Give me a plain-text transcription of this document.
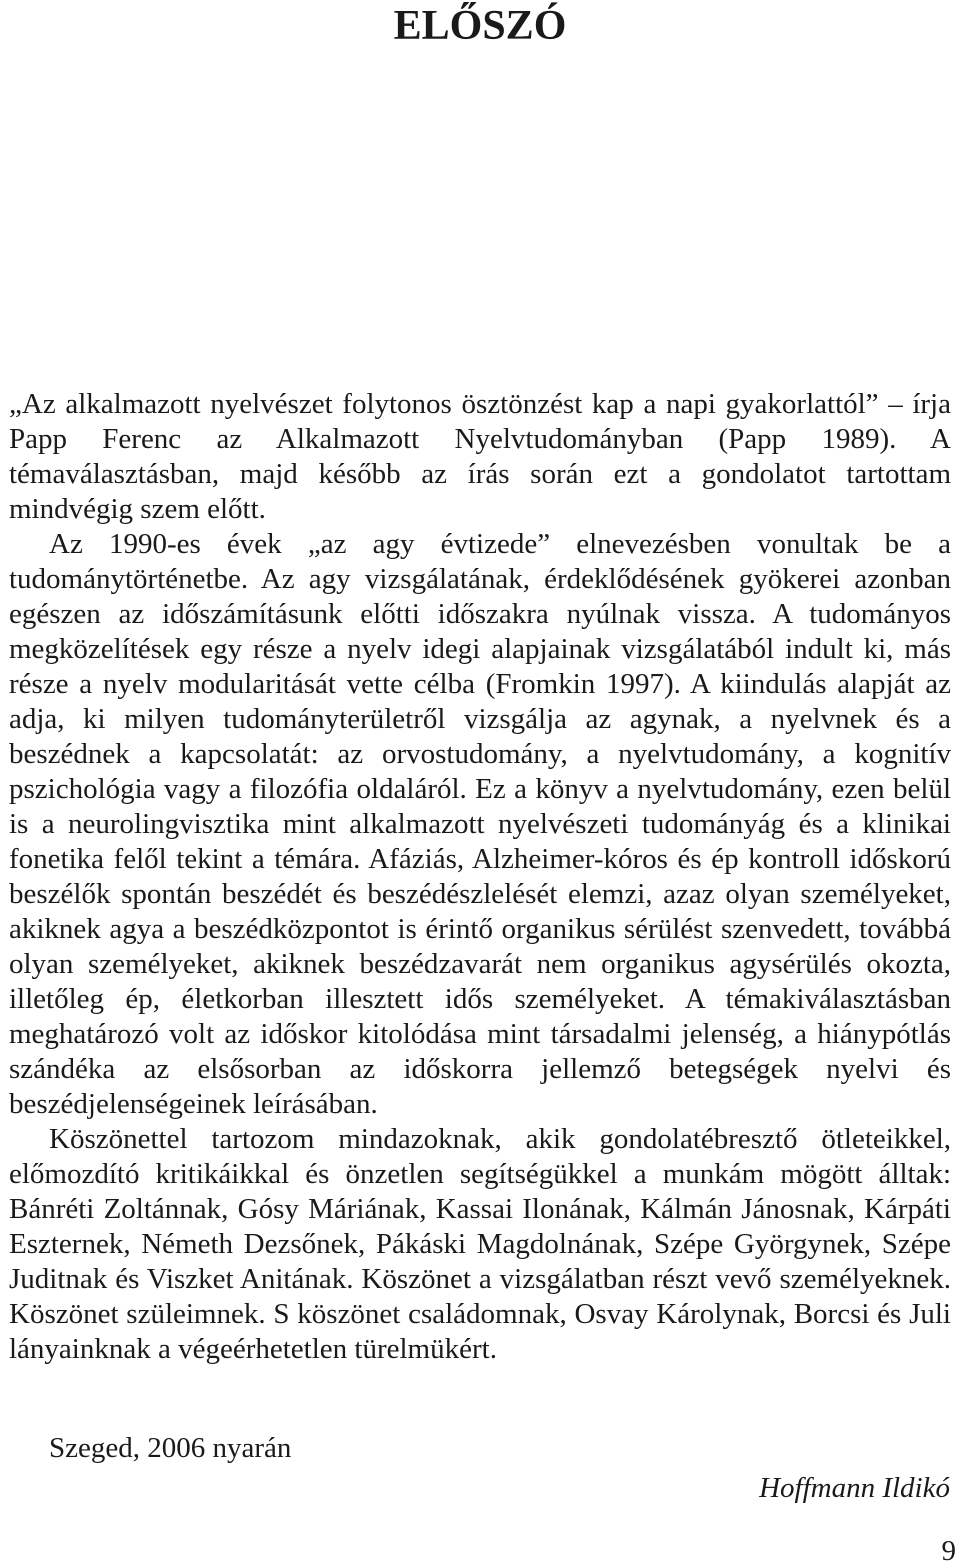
ELŐSZÓ

„Az alkalmazott nyelvészet folytonos ösztönzést kap a napi gyakorlattól” – írja Papp Ferenc az Alkalmazott Nyelvtudományban (Papp 1989). A témaválasztásban, majd később az írás során ezt a gondolatot tartottam mindvégig szem előtt.

Az 1990-es évek „az agy évtizede” elnevezésben vonultak be a tudománytörténetbe. Az agy vizsgálatának, érdeklődésének gyökerei azonban egészen az időszámításunk előtti időszakra nyúlnak vissza. A tudományos megközelítések egy része a nyelv idegi alapjainak vizsgálatából indult ki, más része a nyelv modularitását vette célba (Fromkin 1997). A kiindulás alapját az adja, ki milyen tudományterületről vizsgálja az agynak, a nyelvnek és a beszédnek a kapcsolatát: az orvostudomány, a nyelvtudomány, a kognitív pszichológia vagy a filozófia oldaláról. Ez a könyv a nyelvtudomány, ezen belül is a neurolingvisztika mint alkalmazott nyelvészeti tudományág és a klinikai fonetika felől tekint a témára. Afáziás, Alzheimer-kóros és ép kontroll időskorú beszélők spontán beszédét és beszédészlelését elemzi, azaz olyan személyeket, akiknek agya a beszédközpontot is érintő organikus sérülést szenvedett, továbbá olyan személyeket, akiknek beszédzavarát nem organikus agysérülés okozta, illetőleg ép, életkorban illesztett idős személyeket. A témakiválasztásban meghatározó volt az időskor kitolódása mint társadalmi jelenség, a hiánypótlás szándéka az elsősorban az időskorra jellemző betegségek nyelvi és beszédjelenségeinek leírásában.

Köszönettel tartozom mindazoknak, akik gondolatébresztő ötleteikkel, előmozdító kritikáikkal és önzetlen segítségükkel a munkám mögött álltak: Bánréti Zoltánnak, Gósy Máriának, Kassai Ilonának, Kálmán Jánosnak, Kárpáti Eszternek, Németh Dezsőnek, Pákáski Magdolnának, Szépe Györgynek, Szépe Juditnak és Viszket Anitának. Köszönet a vizsgálatban részt vevő személyeknek. Köszönet szüleimnek. S köszönet családomnak, Osvay Károlynak, Borcsi és Juli lányainknak a végeérhetetlen türelmükért.

Szeged, 2006 nyarán

Hoffmann Ildikó

9
